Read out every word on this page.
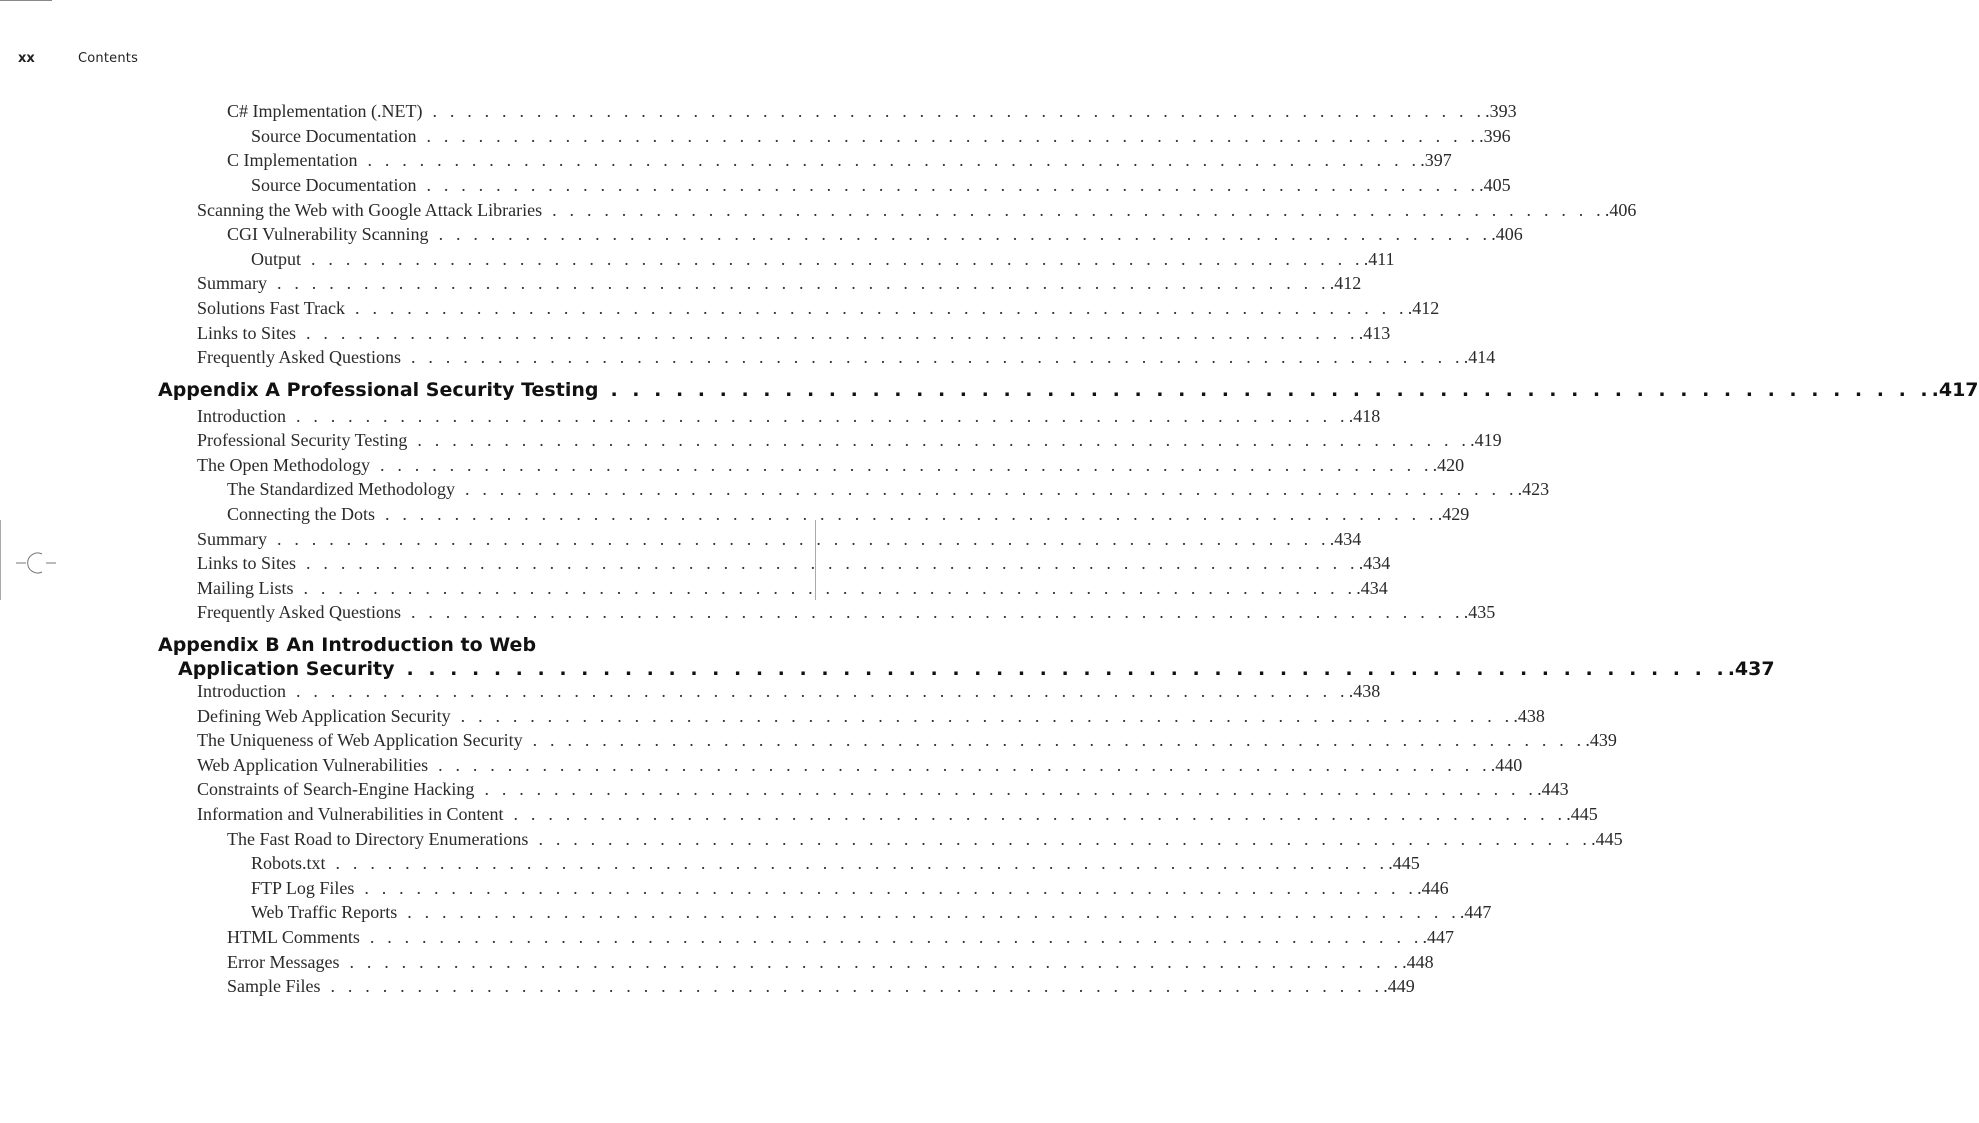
xx	Contents
C# Implementation (.NET) . . . . . . . . . . . . . . . . . . . . . . . . . . . . . . . . . . . . . . . . . . . . . . . . . . . . . . . . . . . . . .393
Source Documentation . . . . . . . . . . . . . . . . . . . . . . . . . . . . . . . . . . . . . . . . . . . . . . . . . . . . . . . . . . . . . .396
C Implementation . . . . . . . . . . . . . . . . . . . . . . . . . . . . . . . . . . . . . . . . . . . . . . . . . . . . . . . . . . . . . .397
Source Documentation . . . . . . . . . . . . . . . . . . . . . . . . . . . . . . . . . . . . . . . . . . . . . . . . . . . . . . . . . . . . . .405
Scanning the Web with Google Attack Libraries . . . . . . . . . . . . . . . . . . . . . . . . . . . . . . . . . . . . . . . . . . . . . . . . . . . . . . . . . . . . . .406
CGI Vulnerability Scanning . . . . . . . . . . . . . . . . . . . . . . . . . . . . . . . . . . . . . . . . . . . . . . . . . . . . . . . . . . . . . .406
Output . . . . . . . . . . . . . . . . . . . . . . . . . . . . . . . . . . . . . . . . . . . . . . . . . . . . . . . . . . . . . .411
Summary . . . . . . . . . . . . . . . . . . . . . . . . . . . . . . . . . . . . . . . . . . . . . . . . . . . . . . . . . . . . . .412
Solutions Fast Track . . . . . . . . . . . . . . . . . . . . . . . . . . . . . . . . . . . . . . . . . . . . . . . . . . . . . . . . . . . . . .412
Links to Sites . . . . . . . . . . . . . . . . . . . . . . . . . . . . . . . . . . . . . . . . . . . . . . . . . . . . . . . . . . . . . .413
Frequently Asked Questions . . . . . . . . . . . . . . . . . . . . . . . . . . . . . . . . . . . . . . . . . . . . . . . . . . . . . . . . . . . . . .414
Appendix A Professional Security Testing . . . . . . . . . . . . . . . . . . . . . . . . . . . . . . . . . . . . . . . . . . . . . . . . . . . . . . . . . . . . . .417
Introduction . . . . . . . . . . . . . . . . . . . . . . . . . . . . . . . . . . . . . . . . . . . . . . . . . . . . . . . . . . . . . .418
Professional Security Testing . . . . . . . . . . . . . . . . . . . . . . . . . . . . . . . . . . . . . . . . . . . . . . . . . . . . . . . . . . . . . .419
The Open Methodology . . . . . . . . . . . . . . . . . . . . . . . . . . . . . . . . . . . . . . . . . . . . . . . . . . . . . . . . . . . . . .420
The Standardized Methodology . . . . . . . . . . . . . . . . . . . . . . . . . . . . . . . . . . . . . . . . . . . . . . . . . . . . . . . . . . . . . .423
Connecting the Dots . . . . . . . . . . . . . . . . . . . . . . . . . . . . . . . . . . . . . . . . . . . . . . . . . . . . . . . . . . . . . .429
Summary . . . . . . . . . . . . . . . . . . . . . . . . . . . . . . . . . . . . . . . . . . . . . . . . . . . . . . . . . . . . . .434
Links to Sites . . . . . . . . . . . . . . . . . . . . . . . . . . . . . . . . . . . . . . . . . . . . . . . . . . . . . . . . . . . . . .434
Mailing Lists . . . . . . . . . . . . . . . . . . . . . . . . . . . . . . . . . . . . . . . . . . . . . . . . . . . . . . . . . . . . . .434
Frequently Asked Questions . . . . . . . . . . . . . . . . . . . . . . . . . . . . . . . . . . . . . . . . . . . . . . . . . . . . . . . . . . . . . .435
Appendix B An Introduction to Web
Application Security . . . . . . . . . . . . . . . . . . . . . . . . . . . . . . . . . . . . . . . . . . . . . . . . . . . . . . . . . . . . . .437
Introduction . . . . . . . . . . . . . . . . . . . . . . . . . . . . . . . . . . . . . . . . . . . . . . . . . . . . . . . . . . . . . .438
Defining Web Application Security . . . . . . . . . . . . . . . . . . . . . . . . . . . . . . . . . . . . . . . . . . . . . . . . . . . . . . . . . . . . . .438
The Uniqueness of Web Application Security . . . . . . . . . . . . . . . . . . . . . . . . . . . . . . . . . . . . . . . . . . . . . . . . . . . . . . . . . . . . . .439
Web Application Vulnerabilities . . . . . . . . . . . . . . . . . . . . . . . . . . . . . . . . . . . . . . . . . . . . . . . . . . . . . . . . . . . . . .440
Constraints of Search-Engine Hacking . . . . . . . . . . . . . . . . . . . . . . . . . . . . . . . . . . . . . . . . . . . . . . . . . . . . . . . . . . . . . .443
Information and Vulnerabilities in Content . . . . . . . . . . . . . . . . . . . . . . . . . . . . . . . . . . . . . . . . . . . . . . . . . . . . . . . . . . . . . .445
The Fast Road to Directory Enumerations . . . . . . . . . . . . . . . . . . . . . . . . . . . . . . . . . . . . . . . . . . . . . . . . . . . . . . . . . . . . . .445
Robots.txt . . . . . . . . . . . . . . . . . . . . . . . . . . . . . . . . . . . . . . . . . . . . . . . . . . . . . . . . . . . . . .445
FTP Log Files . . . . . . . . . . . . . . . . . . . . . . . . . . . . . . . . . . . . . . . . . . . . . . . . . . . . . . . . . . . . . .446
Web Traffic Reports . . . . . . . . . . . . . . . . . . . . . . . . . . . . . . . . . . . . . . . . . . . . . . . . . . . . . . . . . . . . . .447
HTML Comments . . . . . . . . . . . . . . . . . . . . . . . . . . . . . . . . . . . . . . . . . . . . . . . . . . . . . . . . . . . . . .447
Error Messages . . . . . . . . . . . . . . . . . . . . . . . . . . . . . . . . . . . . . . . . . . . . . . . . . . . . . . . . . . . . . .448
Sample Files . . . . . . . . . . . . . . . . . . . . . . . . . . . . . . . . . . . . . . . . . . . . . . . . . . . . . . . . . . . . . .449
